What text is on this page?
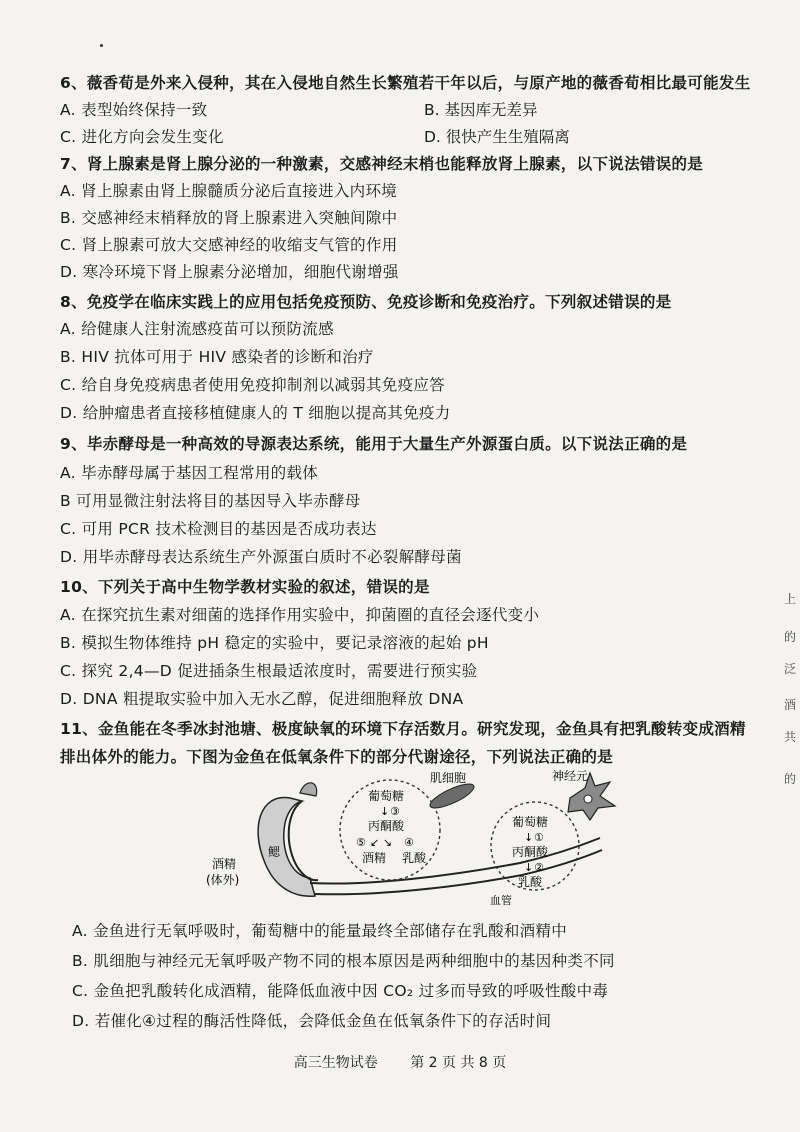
6、薇香荀是外来入侵种，其在入侵地自然生长繁殖若干年以后，与原产地的薇香荀相比最可能发生
A. 表型始终保持一致	B. 基因库无差异
C. 进化方向会发生变化	D. 很快产生生殖隔离
7、肾上腺素是肾上腺分泌的一种激素，交感神经末梢也能释放肾上腺素，以下说法错误的是
A. 肾上腺素由肾上腺髓质分泌后直接进入内环境
B. 交感神经末梢释放的肾上腺素进入突触间隙中
C. 肾上腺素可放大交感神经的收缩支气管的作用
D. 寒冷环境下肾上腺素分泌增加，细胞代谢增强
8、免疫学在临床实践上的应用包括免疫预防、免疫诊断和免疫治疗。下列叙述错误的是
A. 给健康人注射流感疫苗可以预防流感
B. HIV 抗体可用于 HIV 感染者的诊断和治疗
C. 给自身免疫病患者使用免疫抑制剂以减弱其免疫应答
D. 给肿瘤患者直接移植健康人的 T 细胞以提高其免疫力
9、毕赤酵母是一种高效的导源表达系统，能用于大量生产外源蛋白质。以下说法正确的是
A. 毕赤酵母属于基因工程常用的载体
B 可用显微注射法将目的基因导入毕赤酵母
C. 可用 PCR 技术检测目的基因是否成功表达
D. 用毕赤酵母表达系统生产外源蛋白质时不必裂解酵母菌
10、下列关于高中生物学教材实验的叙述，错误的是
A. 在探究抗生素对细菌的选择作用实验中，抑菌圈的直径会逐代变小
B. 模拟生物体维持 pH 稳定的实验中，要记录溶液的起始 pH
C. 探究 2,4—D 促进插条生根最适浓度时，需要进行预实验
D. DNA 粗提取实验中加入无水乙醇，促进细胞释放 DNA
11、金鱼能在冬季冰封池塘、极度缺氧的环境下存活数月。研究发现，金鱼具有把乳酸转变成酒精
排出体外的能力。下图为金鱼在低氧条件下的部分代谢途径，下列说法正确的是
肌细胞	神经元
酒精
(体外)
鳃
血管
葡萄糖
↓ ③
丙酮酸
⑤ ↙ ↘ ④
酒精 乳酸
葡萄糖
↓ ①
丙酮酸
↓ ②
乳酸
A. 金鱼进行无氧呼吸时，葡萄糖中的能量最终全部储存在乳酸和酒精中
B. 肌细胞与神经元无氧呼吸产物不同的根本原因是两种细胞中的基因种类不同
C. 金鱼把乳酸转化成酒精，能降低血液中因 CO₂ 过多而导致的呼吸性酸中毒
D. 若催化④过程的酶活性降低，会降低金鱼在低氧条件下的存活时间
上
的
泛
酒
共
的
高三生物试卷 第 2 页 共 8 页
